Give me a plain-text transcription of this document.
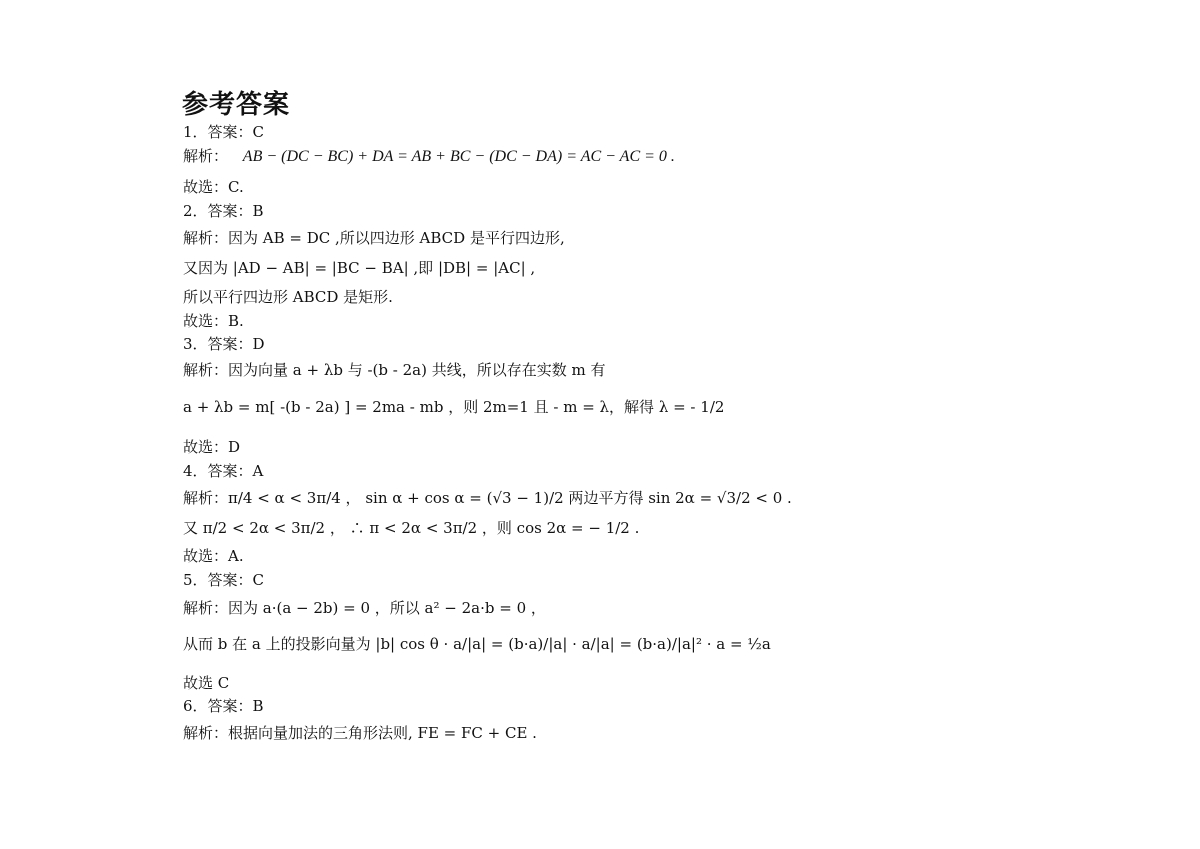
参考答案
1．答案：C
解析： AB − (DC − BC) + DA = AB + BC − (DC − DA) = AC − AC = 0 .
故选：C.
2．答案：B
解析：因为 AB = DC ,所以四边形 ABCD 是平行四边形,
又因为 |AD − AB| = |BC − BA| ,即 |DB| = |AC| ,
所以平行四边形 ABCD 是矩形.
故选：B.
3．答案：D
解析：因为向量 a + λb 与 -(b - 2a) 共线，所以存在实数 m 有
a + λb = m[ -(b - 2a) ] = 2ma - mb ，则 2m=1 且 - m = λ，解得 λ = - 1/2
故选：D
4．答案：A
解析：π/4 < α < 3π/4 ， sin α + cos α = (√3 − 1)/2 两边平方得 sin 2α = √3/2 < 0 .
又 π/2 < 2α < 3π/2 ， ∴ π < 2α < 3π/2 ，则 cos 2α = − 1/2 .
故选：A.
5．答案：C
解析：因为 a·(a − 2b) = 0 ，所以 a² − 2a·b = 0 ，
从而 b 在 a 上的投影向量为 |b| cos θ · a/|a| = (b·a)/|a| · a/|a| = (b·a)/|a|² · a = ½a
故选 C
6．答案：B
解析：根据向量加法的三角形法则, FE = FC + CE .
